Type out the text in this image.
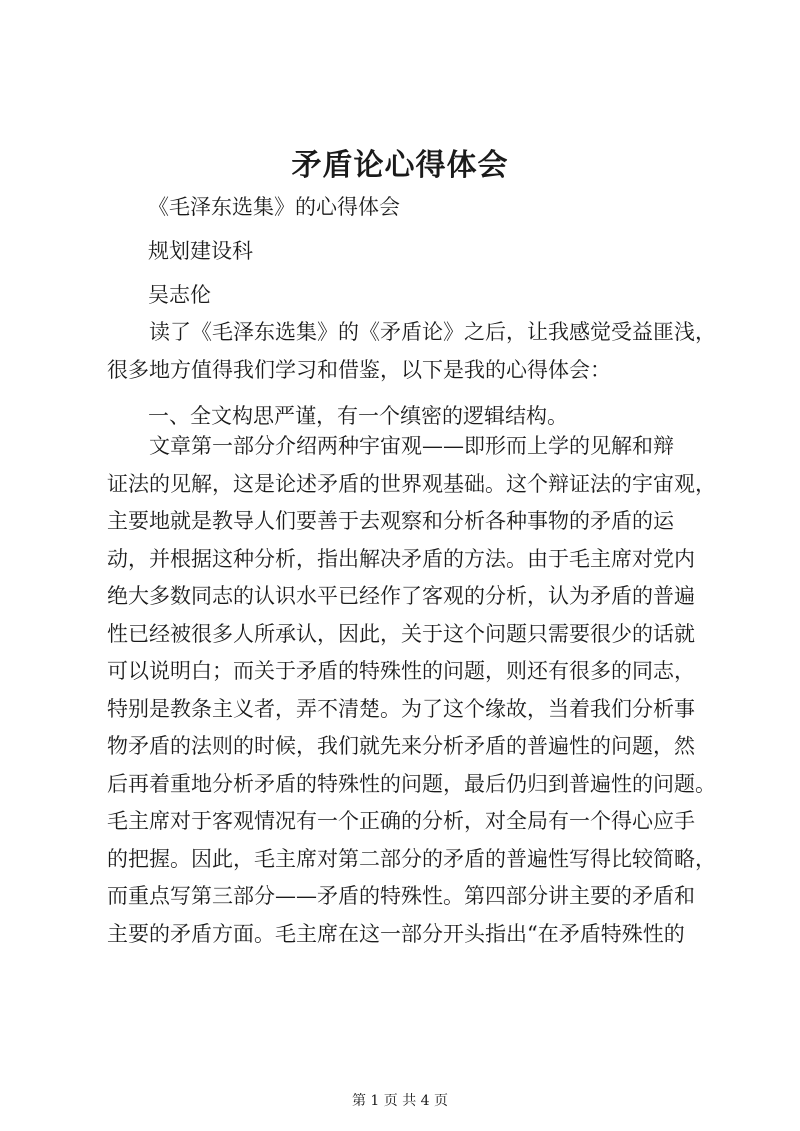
矛盾论心得体会
《毛泽东选集》的心得体会
规划建设科
吴志伦
读了《毛泽东选集》的《矛盾论》之后，让我感觉受益匪浅，
很多地方值得我们学习和借鉴，以下是我的心得体会：
一、全文构思严谨，有一个缜密的逻辑结构。
文章第一部分介绍两种宇宙观——即形而上学的见解和辩
证法的见解，这是论述矛盾的世界观基础。这个辩证法的宇宙观，
主要地就是教导人们要善于去观察和分析各种事物的矛盾的运
动，并根据这种分析，指出解决矛盾的方法。由于毛主席对党内
绝大多数同志的认识水平已经作了客观的分析，认为矛盾的普遍
性已经被很多人所承认，因此，关于这个问题只需要很少的话就
可以说明白；而关于矛盾的特殊性的问题，则还有很多的同志，
特别是教条主义者，弄不清楚。为了这个缘故，当着我们分析事
物矛盾的法则的时候，我们就先来分析矛盾的普遍性的问题，然
后再着重地分析矛盾的特殊性的问题，最后仍归到普遍性的问题。
毛主席对于客观情况有一个正确的分析，对全局有一个得心应手
的把握。因此，毛主席对第二部分的矛盾的普遍性写得比较简略，
而重点写第三部分——矛盾的特殊性。第四部分讲主要的矛盾和
主要的矛盾方面。毛主席在这一部分开头指出“在矛盾特殊性的
第 1 页 共 4 页
